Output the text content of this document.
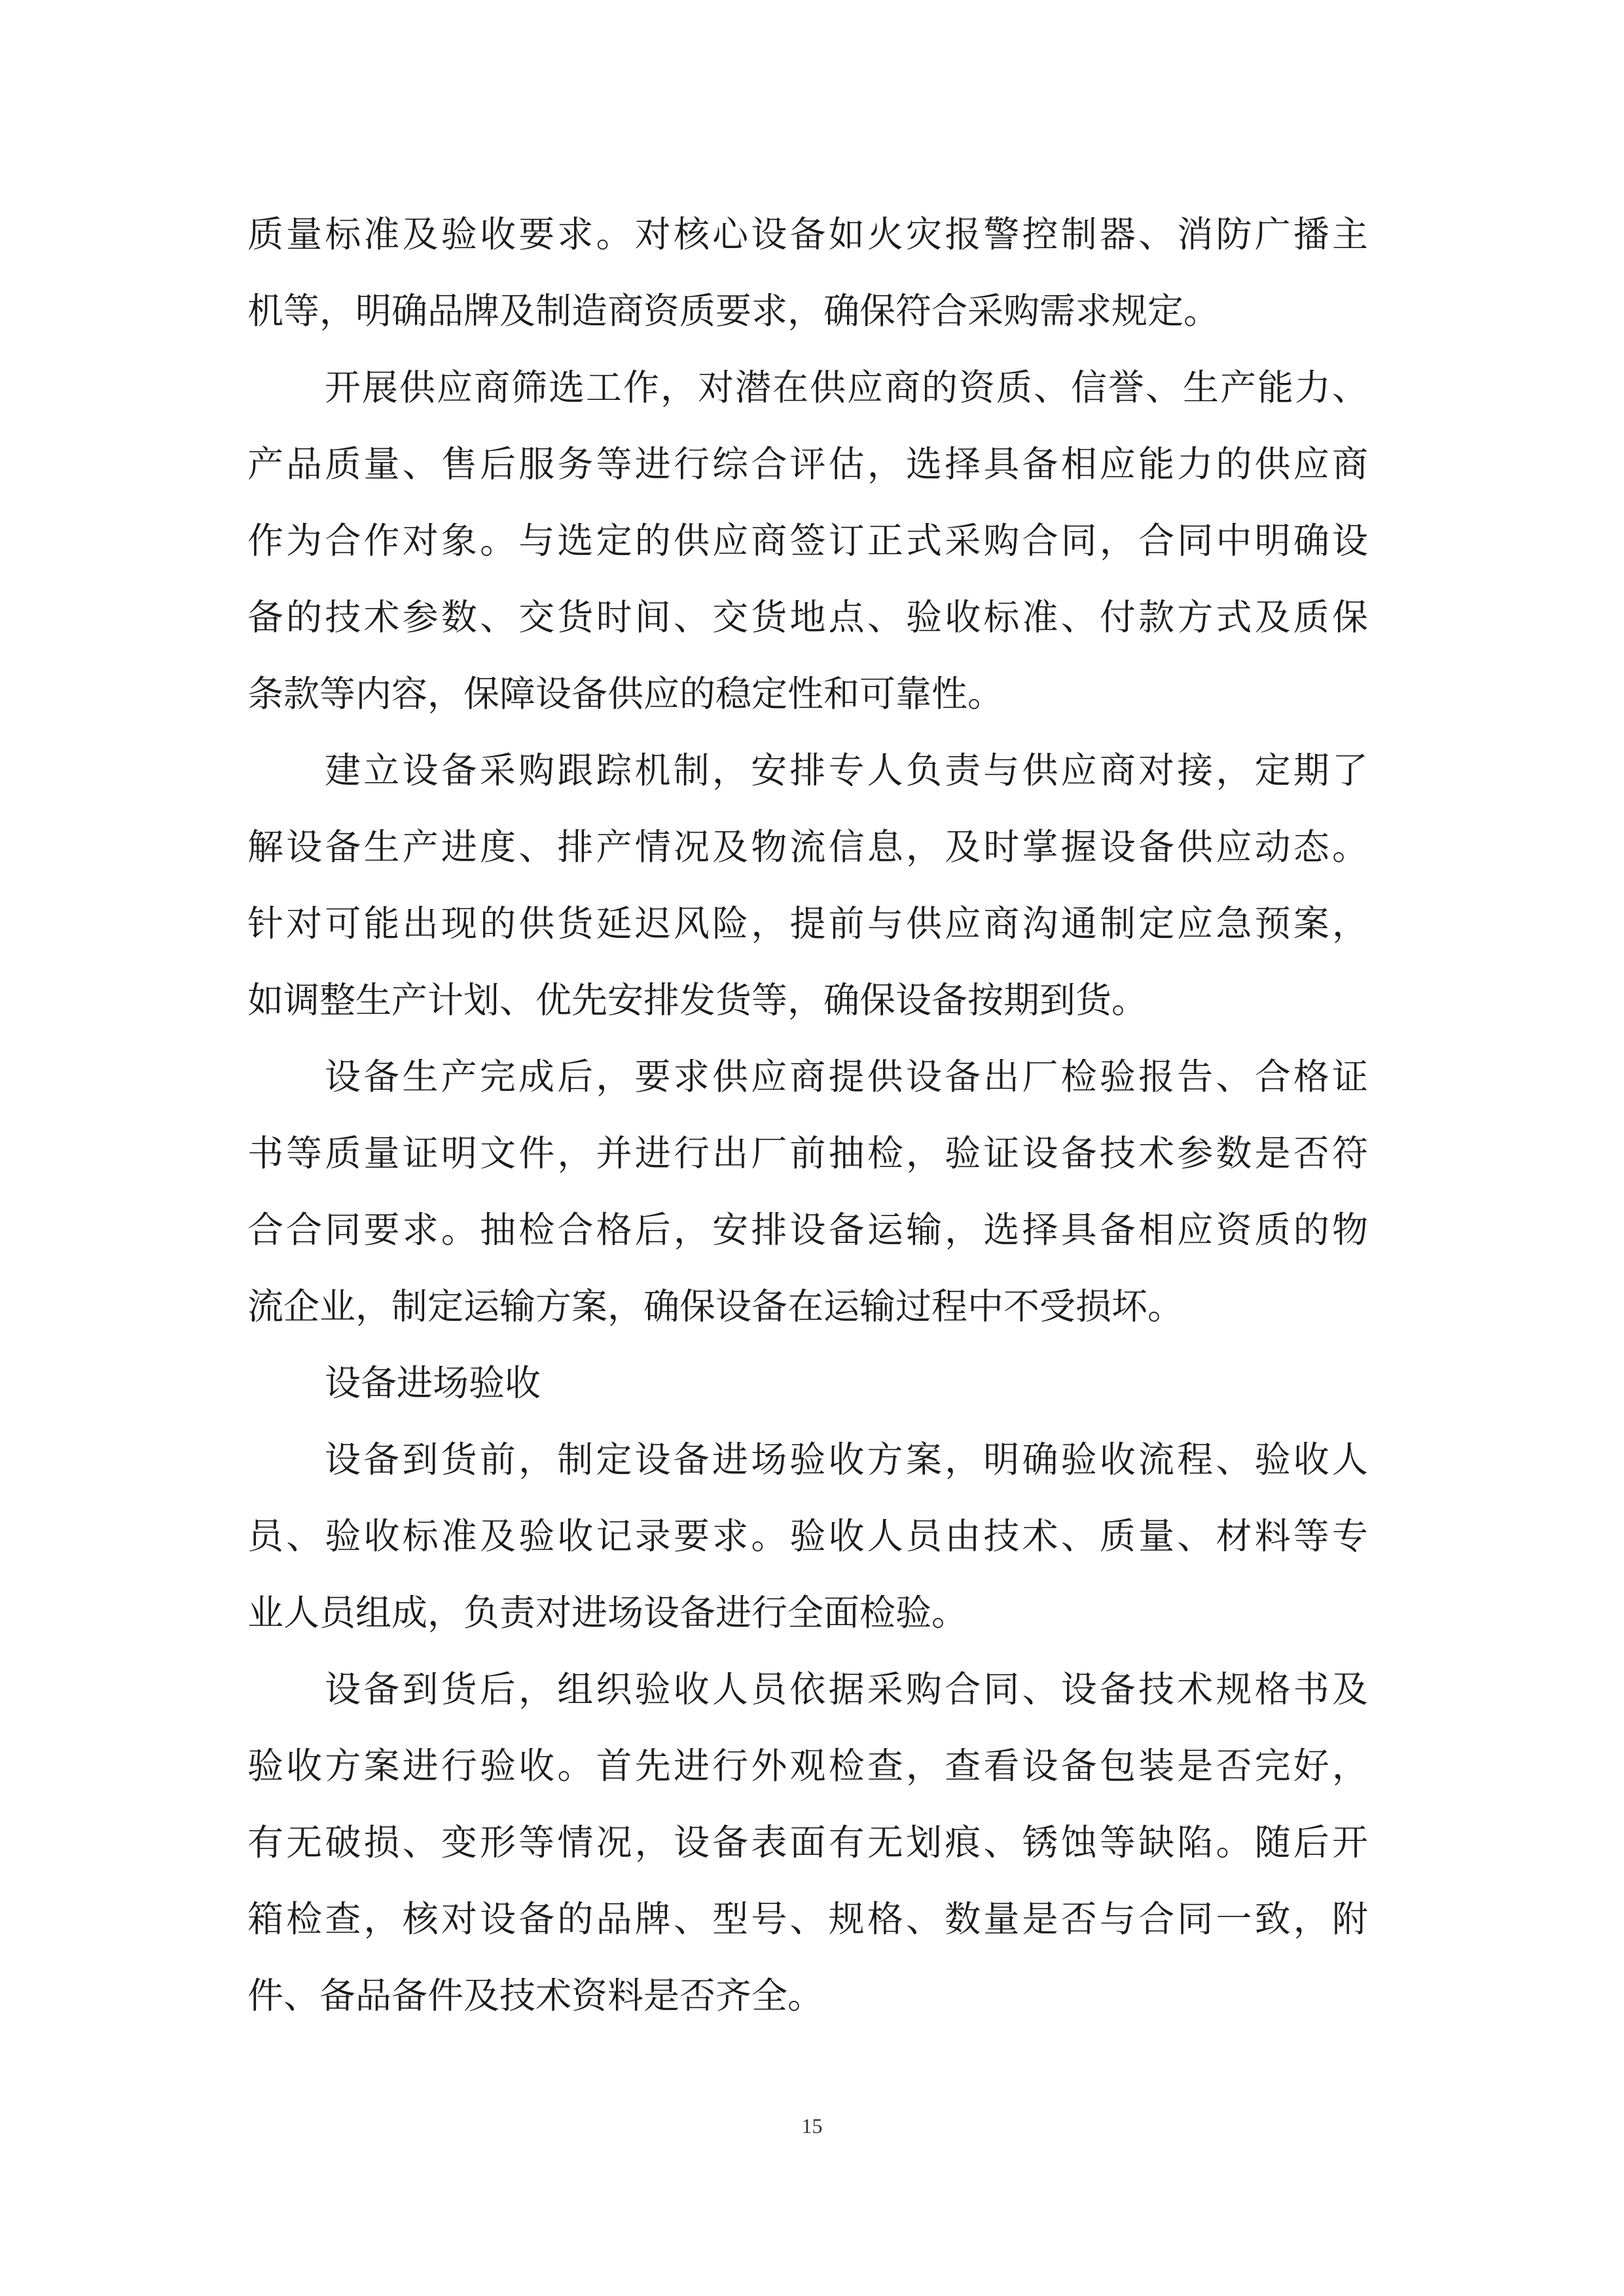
质量标准及验收要求。对核心设备如火灾报警控制器、消防广播主
机等，明确品牌及制造商资质要求，确保符合采购需求规定。
开展供应商筛选工作，对潜在供应商的资质、信誉、生产能力、
产品质量、售后服务等进行综合评估，选择具备相应能力的供应商
作为合作对象。与选定的供应商签订正式采购合同，合同中明确设
备的技术参数、交货时间、交货地点、验收标准、付款方式及质保
条款等内容，保障设备供应的稳定性和可靠性。
建立设备采购跟踪机制，安排专人负责与供应商对接，定期了
解设备生产进度、排产情况及物流信息，及时掌握设备供应动态。
针对可能出现的供货延迟风险，提前与供应商沟通制定应急预案，
如调整生产计划、优先安排发货等，确保设备按期到货。
设备生产完成后，要求供应商提供设备出厂检验报告、合格证
书等质量证明文件，并进行出厂前抽检，验证设备技术参数是否符
合合同要求。抽检合格后，安排设备运输，选择具备相应资质的物
流企业，制定运输方案，确保设备在运输过程中不受损坏。
设备进场验收
设备到货前，制定设备进场验收方案，明确验收流程、验收人
员、验收标准及验收记录要求。验收人员由技术、质量、材料等专
业人员组成，负责对进场设备进行全面检验。
设备到货后，组织验收人员依据采购合同、设备技术规格书及
验收方案进行验收。首先进行外观检查，查看设备包装是否完好，
有无破损、变形等情况，设备表面有无划痕、锈蚀等缺陷。随后开
箱检查，核对设备的品牌、型号、规格、数量是否与合同一致，附
件、备品备件及技术资料是否齐全。
15
